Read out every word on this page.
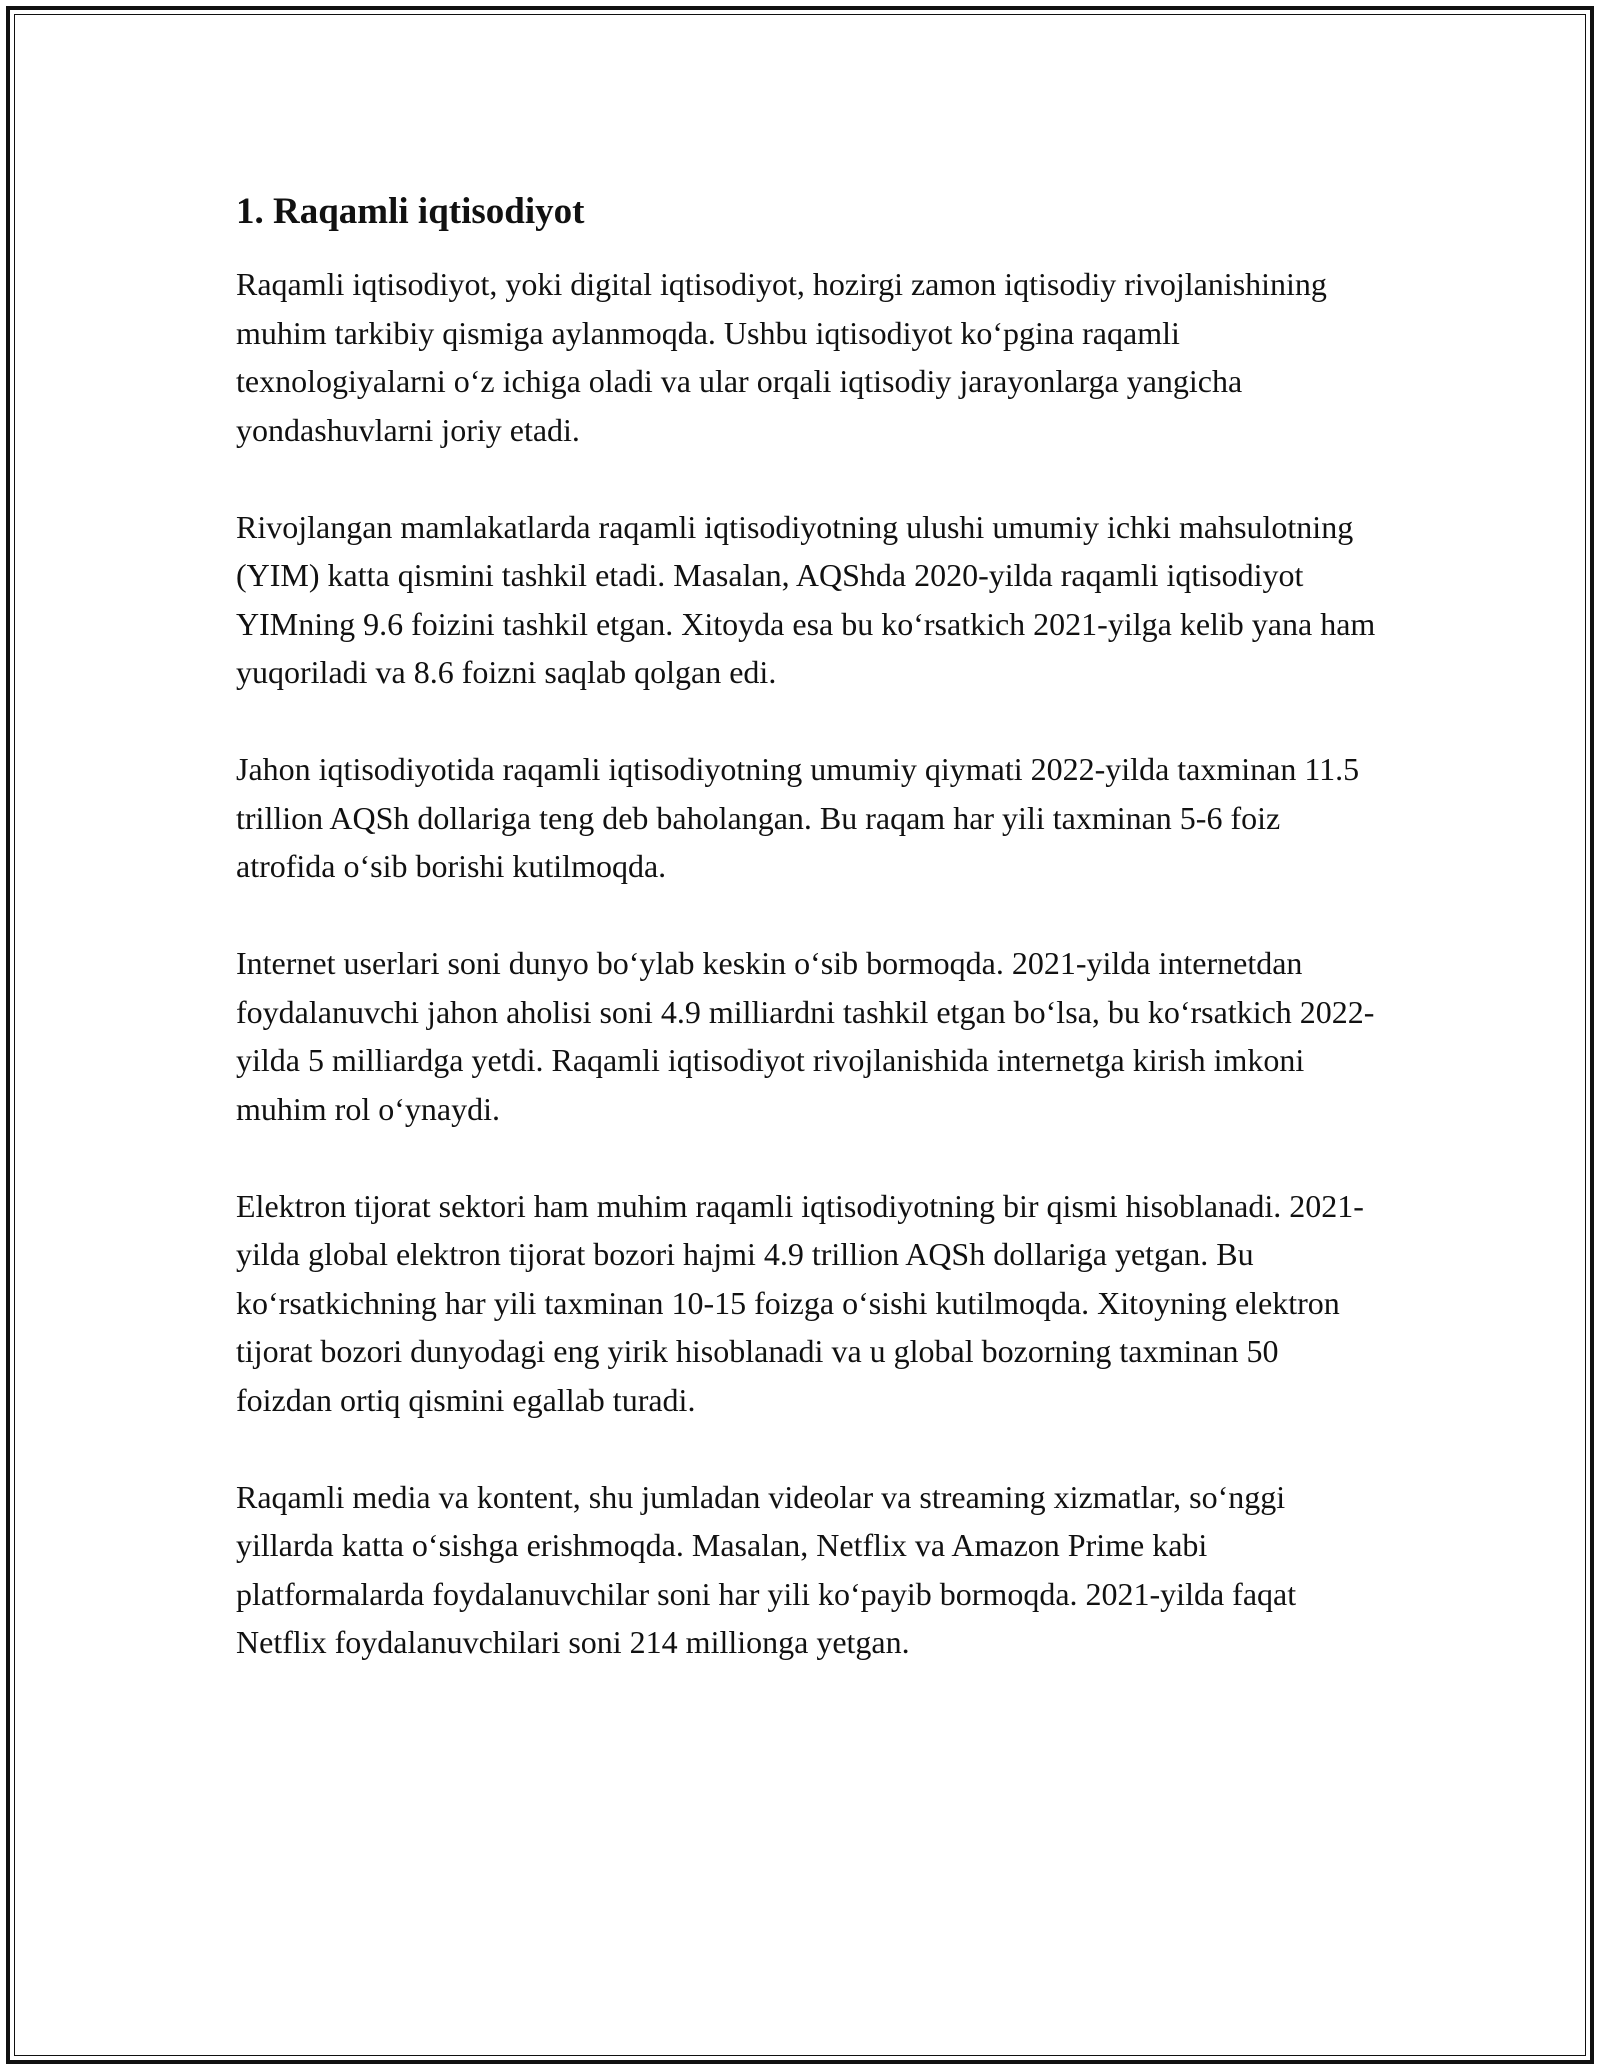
1. Raqamli iqtisodiyot

Raqamli iqtisodiyot, yoki digital iqtisodiyot, hozirgi zamon iqtisodiy rivojlanishining muhim tarkibiy qismiga aylanmoqda. Ushbu iqtisodiyot koʻpgina raqamli texnologiyalarni oʻz ichiga oladi va ular orqali iqtisodiy jarayonlarga yangicha yondashuvlarni joriy etadi.

Rivojlangan mamlakatlarda raqamli iqtisodiyotning ulushi umumiy ichki mahsulotning (YIM) katta qismini tashkil etadi. Masalan, AQShda 2020-yilda raqamli iqtisodiyot YIMning 9.6 foizini tashkil etgan. Xitoyda esa bu koʻrsatkich 2021-yilga kelib yana ham yuqoriladi va 8.6 foizni saqlab qolgan edi.

Jahon iqtisodiyotida raqamli iqtisodiyotning umumiy qiymati 2022-yilda taxminan 11.5 trillion AQSh dollariga teng deb baholangan. Bu raqam har yili taxminan 5-6 foiz atrofida oʻsib borishi kutilmoqda.

Internet userlari soni dunyo boʻylab keskin oʻsib bormoqda. 2021-yilda internetdan foydalanuvchi jahon aholisi soni 4.9 milliardni tashkil etgan boʻlsa, bu koʻrsatkich 2022-yilda 5 milliardga yetdi. Raqamli iqtisodiyot rivojlanishida internetga kirish imkoni muhim rol oʻynaydi.

Elektron tijorat sektori ham muhim raqamli iqtisodiyotning bir qismi hisoblanadi. 2021-yilda global elektron tijorat bozori hajmi 4.9 trillion AQSh dollariga yetgan. Bu koʻrsatkichning har yili taxminan 10-15 foizga oʻsishi kutilmoqda. Xitoyning elektron tijorat bozori dunyodagi eng yirik hisoblanadi va u global bozorning taxminan 50 foizdan ortiq qismini egallab turadi.

Raqamli media va kontent, shu jumladan videolar va streaming xizmatlar, soʻnggi yillarda katta oʻsishga erishmoqda. Masalan, Netflix va Amazon Prime kabi platformalarda foydalanuvchilar soni har yili koʻpayib bormoqda. 2021-yilda faqat Netflix foydalanuvchilari soni 214 millionga yetgan.
